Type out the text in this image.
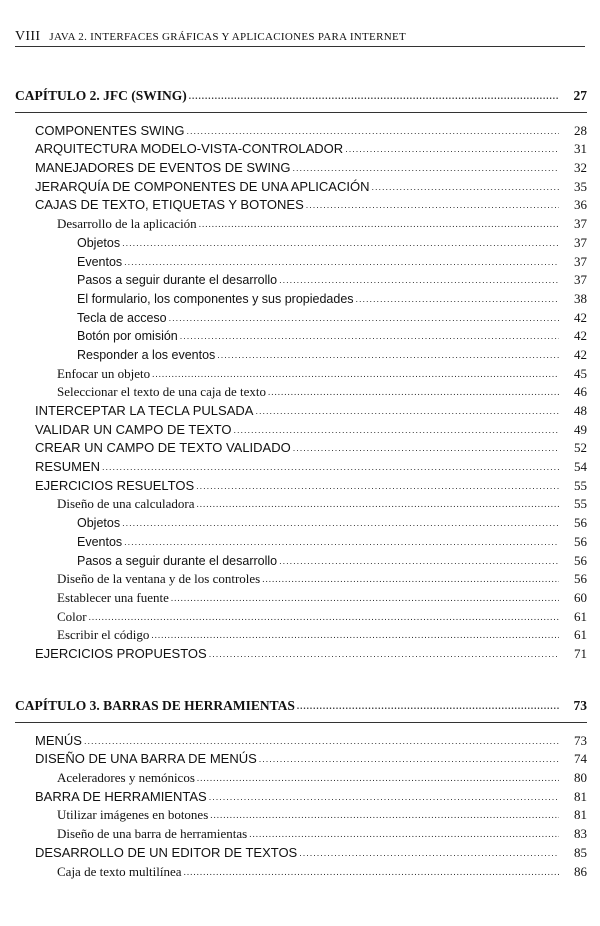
VIII JAVA 2. INTERFACES GRÁFICAS Y APLICACIONES PARA INTERNET
CAPÍTULO 2. JFC (SWING) .....	27
COMPONENTES SWING .....	28
ARQUITECTURA MODELO-VISTA-CONTROLADOR .....	31
MANEJADORES DE EVENTOS DE SWING .....	32
JERARQUÍA DE COMPONENTES DE UNA APLICACIÓN .....	35
CAJAS DE TEXTO, ETIQUETAS Y BOTONES .....	36
Desarrollo de la aplicación .....	37
Objetos .....	37
Eventos .....	37
Pasos a seguir durante el desarrollo .....	37
El formulario, los componentes y sus propiedades .....	38
Tecla de acceso .....	42
Botón por omisión .....	42
Responder a los eventos .....	42
Enfocar un objeto .....	45
Seleccionar el texto de una caja de texto .....	46
INTERCEPTAR LA TECLA PULSADA .....	48
VALIDAR UN CAMPO DE TEXTO .....	49
CREAR UN CAMPO DE TEXTO VALIDADO .....	52
RESUMEN .....	54
EJERCICIOS RESUELTOS .....	55
Diseño de una calculadora .....	55
Objetos .....	56
Eventos .....	56
Pasos a seguir durante el desarrollo .....	56
Diseño de la ventana y de los controles .....	56
Establecer una fuente .....	60
Color .....	61
Escribir el código .....	61
EJERCICIOS PROPUESTOS .....	71
CAPÍTULO 3. BARRAS DE HERRAMIENTAS .....	73
MENÚS .....	73
DISEÑO DE UNA BARRA DE MENÚS .....	74
Aceleradores y nemónicos .....	80
BARRA DE HERRAMIENTAS .....	81
Utilizar imágenes en botones .....	81
Diseño de una barra de herramientas .....	83
DESARROLLO DE UN EDITOR DE TEXTOS .....	85
Caja de texto multilínea .....	86
